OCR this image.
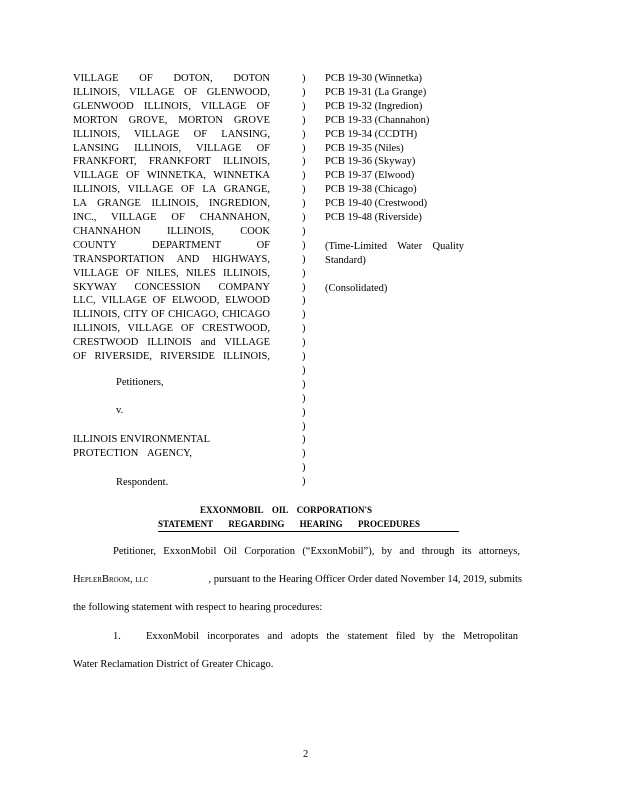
VILLAGE OF DOTON, DOTON
ILLINOIS, VILLAGE OF GLENWOOD,
GLENWOOD ILLINOIS, VILLAGE OF
MORTON GROVE, MORTON GROVE
ILLINOIS, VILLAGE OF LANSING,
LANSING ILLINOIS, VILLAGE OF
FRANKFORT, FRANKFORT ILLINOIS,
VILLAGE OF WINNETKA, WINNETKA
ILLINOIS, VILLAGE OF LA GRANGE,
LA GRANGE ILLINOIS, INGREDION,
INC., VILLAGE OF CHANNAHON,
CHANNAHON ILLINOIS, COOK
COUNTY DEPARTMENT OF
TRANSPORTATION AND HIGHWAYS,
VILLAGE OF NILES, NILES ILLINOIS,
SKYWAY CONCESSION COMPANY
LLC, VILLAGE OF ELWOOD, ELWOOD
ILLINOIS, CITY OF CHICAGO, CHICAGO
ILLINOIS, VILLAGE OF CRESTWOOD,
CRESTWOOD ILLINOIS and VILLAGE
OF RIVERSIDE, RIVERSIDE ILLINOIS,
Petitioners,
v.
ILLINOIS ENVIRONMENTAL
PROTECTION AGENCY,
Respondent.
)
)
)
)
)
)
)
)
)
)
)
)
)
)
)
)
)
)
)
)
)
)
)
)
)
)
)
)
)
)
PCB 19-30 (Winnetka)
PCB 19-31 (La Grange)
PCB 19-32 (Ingredion)
PCB 19-33 (Channahon)
PCB 19-34 (CCDTH)
PCB 19-35 (Niles)
PCB 19-36 (Skyway)
PCB 19-37 (Elwood)
PCB 19-38 (Chicago)
PCB 19-40 (Crestwood)
PCB 19-48 (Riverside)
(Time-Limited Water Quality
Standard)
(Consolidated)
EXXONMOBIL OIL CORPORATION'S
STATEMENT REGARDING HEARING PROCEDURES
Petitioner, ExxonMobil Oil Corporation (“ExxonMobil”), by and through its attorneys,
HeplerBroom, llc	, pursuant to the Hearing Officer Order dated November 14, 2019, submits
the following statement with respect to hearing procedures:
1. ExxonMobil incorporates and adopts the statement filed by the Metropolitan
Water Reclamation District of Greater Chicago.
2
